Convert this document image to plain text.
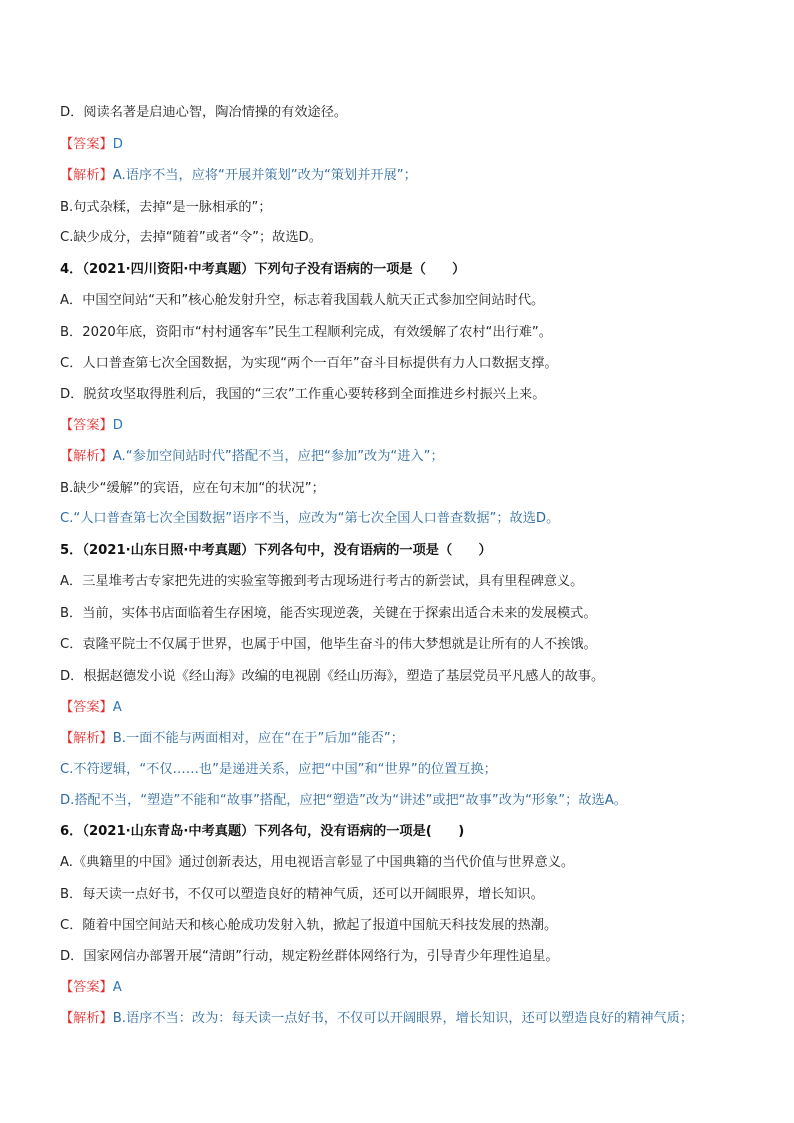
D．阅读名著是启迪心智，陶冶情操的有效途径。
【答案】D
【解析】A.语序不当，应将“开展并策划”改为“策划并开展”；
B.句式杂糅，去掉“是一脉相承的”；
C.缺少成分，去掉“随着”或者“令”；故选D。
4．（2021·四川资阳·中考真题）下列句子没有语病的一项是（　　）
A．中国空间站“天和”核心舱发射升空，标志着我国载人航天正式参加空间站时代。
B．2020年底，资阳市“村村通客车”民生工程顺利完成，有效缓解了农村“出行难”。
C．人口普查第七次全国数据，为实现“两个一百年”奋斗目标提供有力人口数据支撑。
D．脱贫攻坚取得胜利后，我国的“三农”工作重心要转移到全面推进乡村振兴上来。
【答案】D
【解析】A.“参加空间站时代”搭配不当，应把“参加”改为“进入”；
B.缺少“缓解”的宾语，应在句末加“的状况”；
C.“人口普查第七次全国数据”语序不当，应改为“第七次全国人口普查数据”；故选D。
5．（2021·山东日照·中考真题）下列各句中，没有语病的一项是（　　）
A．三星堆考古专家把先进的实验室等搬到考古现场进行考古的新尝试，具有里程碑意义。
B．当前，实体书店面临着生存困境，能否实现逆袭，关键在于探索出适合未来的发展模式。
C．袁隆平院士不仅属于世界，也属于中国，他毕生奋斗的伟大梦想就是让所有的人不挨饿。
D．根据赵德发小说《经山海》改编的电视剧《经山历海》，塑造了基层党员平凡感人的故事。
【答案】A
【解析】B.一面不能与两面相对，应在“在于”后加“能否”；
C.不符逻辑，“不仅……也”是递进关系，应把“中国”和“世界”的位置互换；
D.搭配不当，“塑造”不能和“故事”搭配，应把“塑造”改为“讲述”或把“故事”改为“形象”；故选A。
6．（2021·山东青岛·中考真题）下列各句，没有语病的一项是(　　)
A.《典籍里的中国》通过创新表达，用电视语言彰显了中国典籍的当代价值与世界意义。
B．每天读一点好书，不仅可以塑造良好的精神气质，还可以开阔眼界，增长知识。
C．随着中国空间站天和核心舱成功发射入轨，掀起了报道中国航天科技发展的热潮。
D．国家网信办部署开展“清朗”行动，规定粉丝群体网络行为，引导青少年理性追星。
【答案】A
【解析】B.语序不当：改为：每天读一点好书，不仅可以开阔眼界，增长知识，还可以塑造良好的精神气质；
